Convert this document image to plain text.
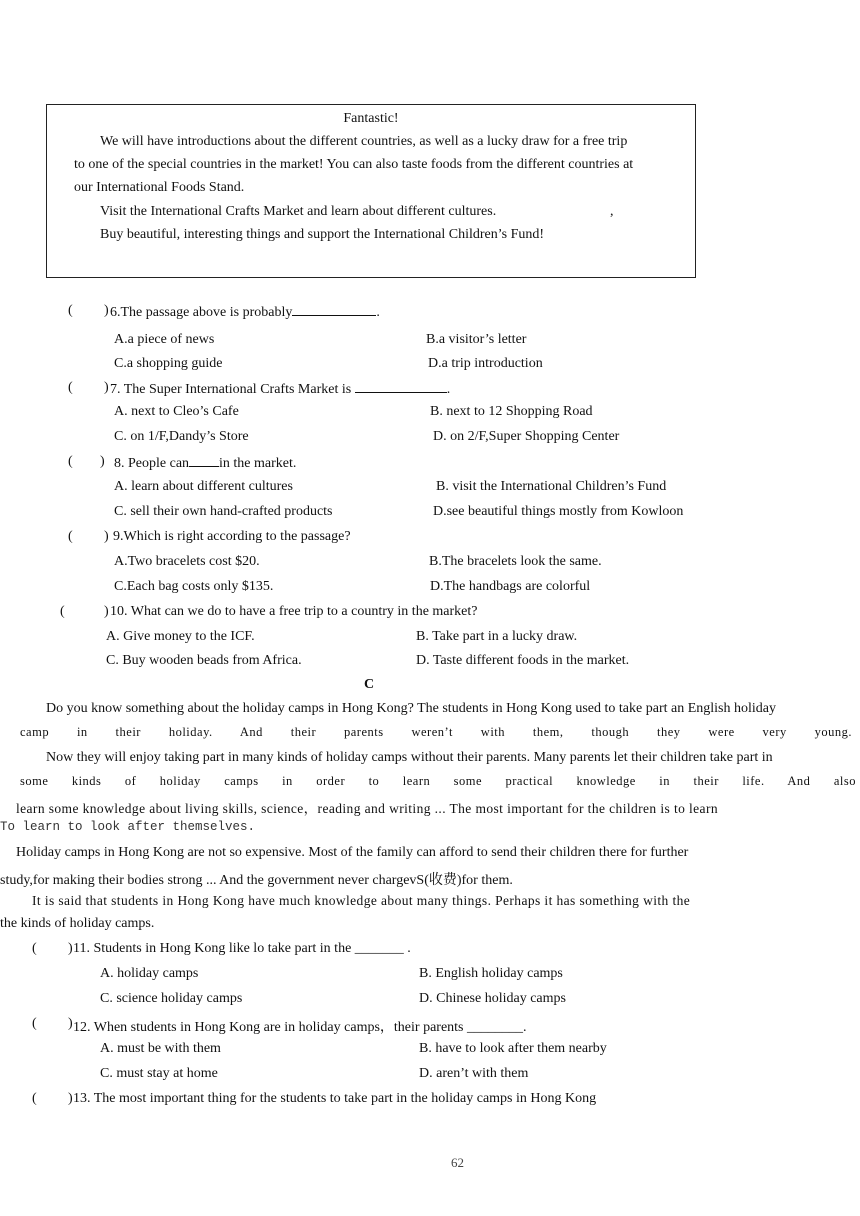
Fantastic!
We will have introductions about the different countries, as well as a lucky draw for a free trip
to one of the special countries in the market! You can also taste foods from the different countries at
our International Foods Stand.
Visit the International Crafts Market and learn about different cultures.	,
Buy beautiful, interesting things and support the International Children’s Fund!
( ) 6.The passage above is probably	.
A.a piece of news	B.a visitor’s letter
C.a shopping guide	D.a trip introduction
( ) 7. The Super International Crafts Market is	.
A. next to Cleo’s Cafe	B. next to 12 Shopping Road
C. on 1/F,Dandy’s Store	D. on 2/F,Super Shopping Center
( ) 8. People can in the market.
A. learn about different cultures	B. visit the International Children’s Fund
C. sell their own hand-crafted products	D.see beautiful things mostly from Kowloon
( ) 9.Which is right according to the passage?
A.Two bracelets cost $20.	B.The bracelets look the same.
C.Each bag costs only $135.	D.The handbags are colorful
(	) 10. What can we do to have a free trip to a country in the market?
A. Give money to the ICF.	B. Take part in a lucky draw.
C. Buy wooden beads from Africa.	D. Taste different foods in the market.
C
Do you know something about the holiday camps in Hong Kong? The students in Hong Kong used to take part an English holiday
camp in their holiday. And their parents weren’t with them, though they were very young.
Now they will enjoy taking part in many kinds of holiday camps without their parents. Many parents let their children take part in
some kinds of holiday camps in order to learn some practical knowledge in their life. And also
learn some knowledge about living skills, science，reading and writing ... The most important for the children is to learn
To learn to look after themselves.
Holiday camps in Hong Kong are not so expensive. Most of the family can afford to send their children there for further
study,for making their bodies strong ... And the government never chargevS(收费)for them.
It is said that students in Hong Kong have much knowledge about many things. Perhaps it has something with the
the kinds of holiday camps.
( ) 11. Students in Hong Kong like lo take part in the _______ .
A. holiday camps	B. English holiday camps
C. science holiday camps	D. Chinese holiday camps
( ) 12. When students in Hong Kong are in holiday camps，their parents ________.
A. must be with them	B. have to look after them nearby
C. must stay at home	D. aren’t with them
( ) 13. The most important thing for the students to take part in the holiday camps in Hong Kong
62
